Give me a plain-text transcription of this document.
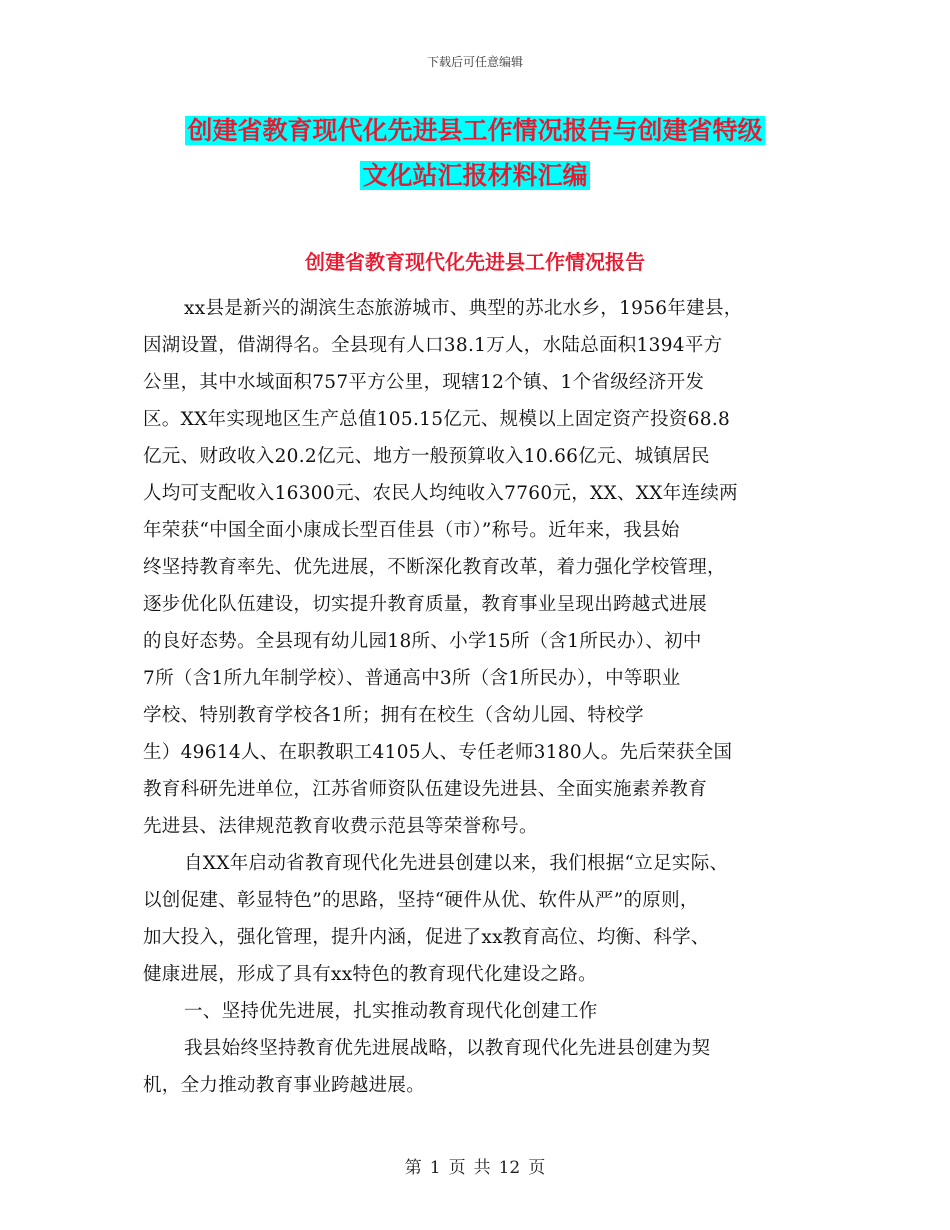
下载后可任意编辑
创建省教育现代化先进县工作情况报告与创建省特级
文化站汇报材料汇编
创建省教育现代化先进县工作情况报告
xx县是新兴的湖滨生态旅游城市、典型的苏北水乡，1956年建县，
因湖设置，借湖得名。全县现有人口38.1万人，水陆总面积1394平方
公里，其中水域面积757平方公里，现辖12个镇、1个省级经济开发
区。XX年实现地区生产总值105.15亿元、规模以上固定资产投资68.8
亿元、财政收入20.2亿元、地方一般预算收入10.66亿元、城镇居民
人均可支配收入16300元、农民人均纯收入7760元，XX、XX年连续两
年荣获“中国全面小康成长型百佳县（市）”称号。近年来，我县始
终坚持教育率先、优先进展，不断深化教育改革，着力强化学校管理，
逐步优化队伍建设，切实提升教育质量，教育事业呈现出跨越式进展
的良好态势。全县现有幼儿园18所、小学15所（含1所民办）、初中
7所（含1所九年制学校）、普通高中3所（含1所民办），中等职业
学校、特别教育学校各1所；拥有在校生（含幼儿园、特校学
生）49614人、在职教职工4105人、专任老师3180人。先后荣获全国
教育科研先进单位，江苏省师资队伍建设先进县、全面实施素养教育
先进县、法律规范教育收费示范县等荣誉称号。
自XX年启动省教育现代化先进县创建以来，我们根据“立足实际、
以创促建、彰显特色”的思路，坚持“硬件从优、软件从严”的原则，
加大投入，强化管理，提升内涵，促进了xx教育高位、均衡、科学、
健康进展，形成了具有xx特色的教育现代化建设之路。
一、坚持优先进展，扎实推动教育现代化创建工作
我县始终坚持教育优先进展战略，以教育现代化先进县创建为契
机，全力推动教育事业跨越进展。
第 1 页 共 12 页
